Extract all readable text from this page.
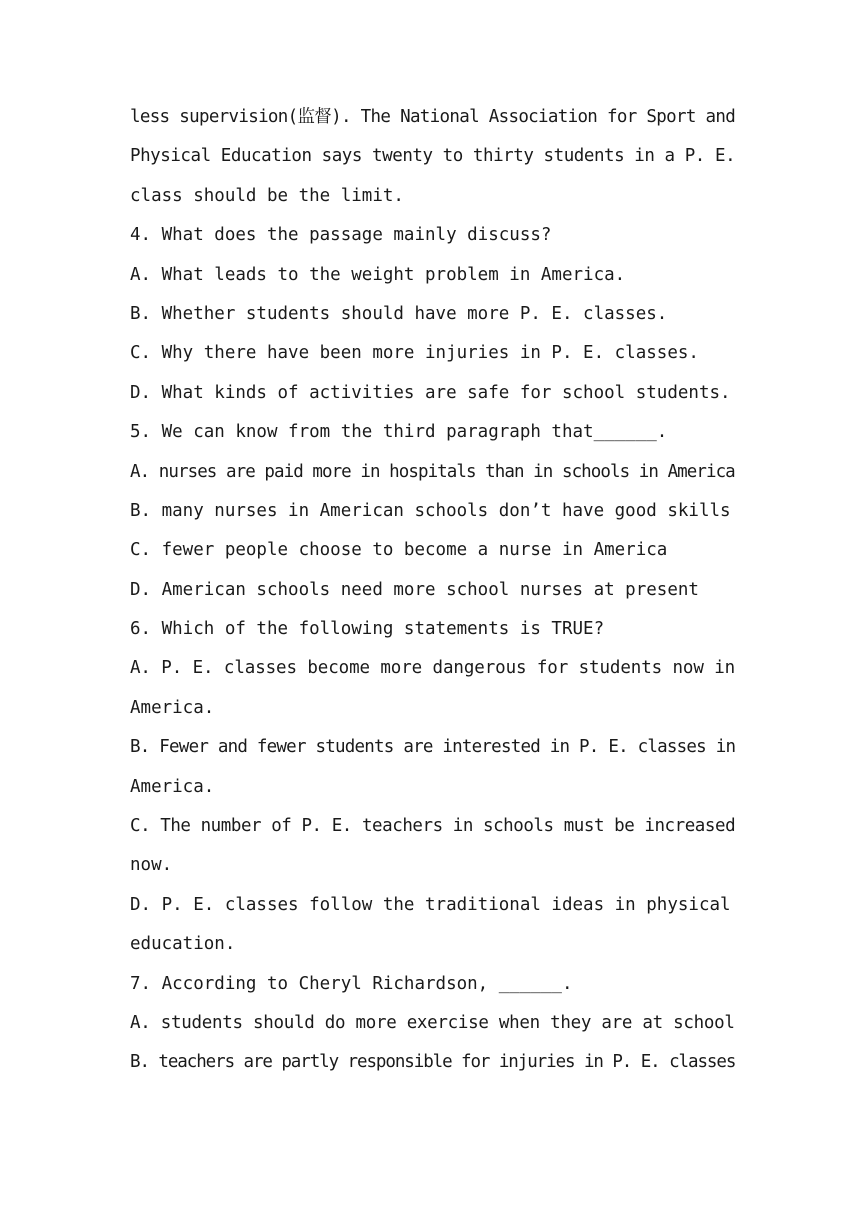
less supervision(监督). The National Association for Sport and
Physical Education says twenty to thirty students in a P. E.
class should be the limit.
4. What does the passage mainly discuss?
A. What leads to the weight problem in America.
B. Whether students should have more P. E. classes.
C. Why there have been more injuries in P. E. classes.
D. What kinds of activities are safe for school students.
5. We can know from the third paragraph that______.
A. nurses are paid more in hospitals than in schools in America
B. many nurses in American schools don’t have good skills
C. fewer people choose to become a nurse in America
D. American schools need more school nurses at present
6. Which of the following statements is TRUE?
A. P. E. classes become more dangerous for students now in
America.
B. Fewer and fewer students are interested in P. E. classes in
America.
C. The number of P. E. teachers in schools must be increased
now.
D. P. E. classes follow the traditional ideas in physical
education.
7. According to Cheryl Richardson, ______.
A. students should do more exercise when they are at school
B. teachers are partly responsible for injuries in P. E. classes
